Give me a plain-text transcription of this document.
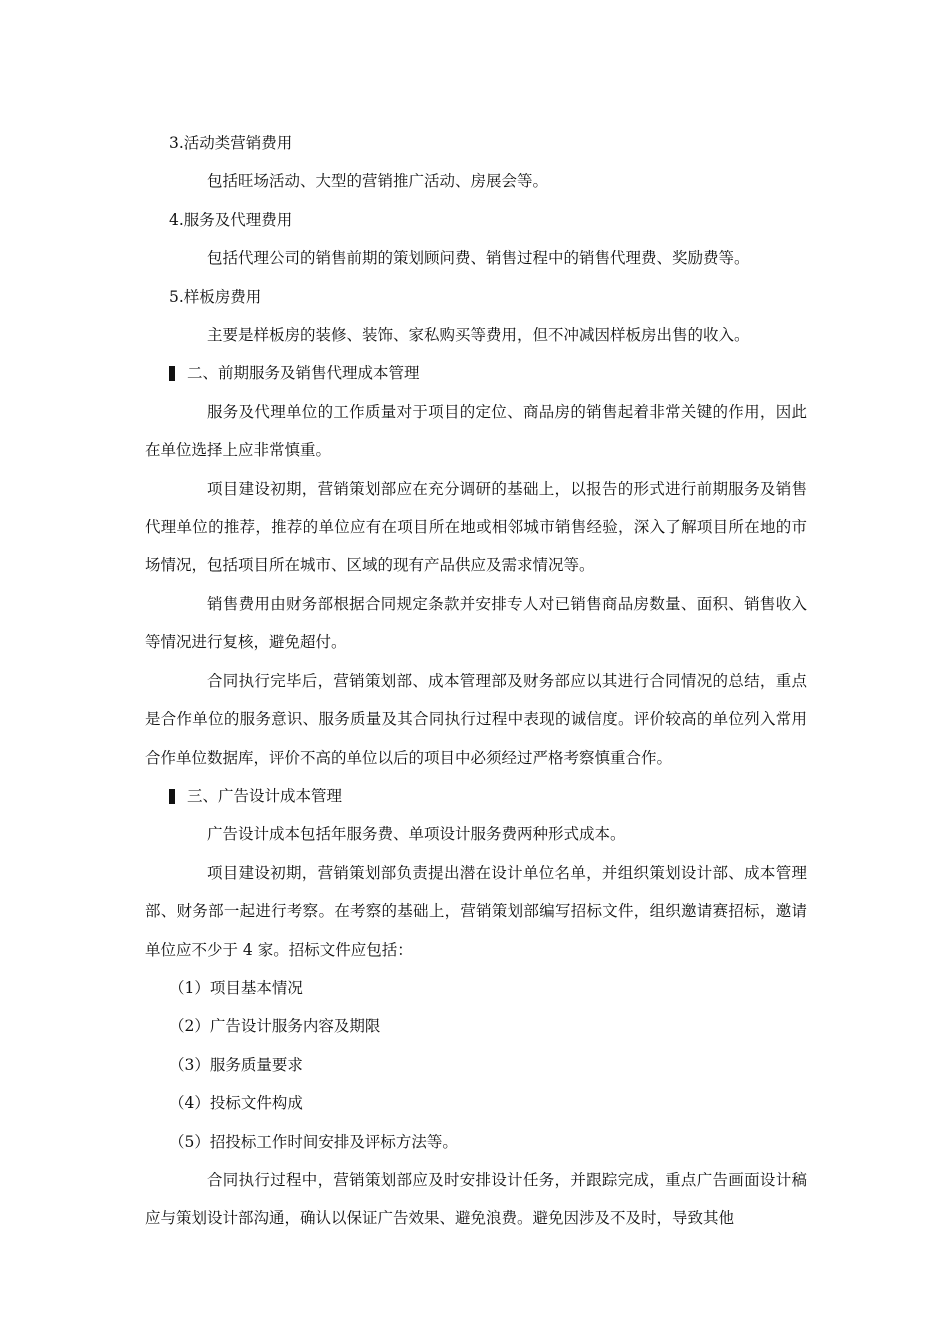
3.活动类营销费用
包括旺场活动、大型的营销推广活动、房展会等。
4.服务及代理费用
包括代理公司的销售前期的策划顾问费、销售过程中的销售代理费、奖励费等。
5.样板房费用
主要是样板房的装修、装饰、家私购买等费用，但不冲减因样板房出售的收入。
二、前期服务及销售代理成本管理
服务及代理单位的工作质量对于项目的定位、商品房的销售起着非常关键的作用，因此在单位选择上应非常慎重。
项目建设初期，营销策划部应在充分调研的基础上，以报告的形式进行前期服务及销售代理单位的推荐，推荐的单位应有在项目所在地或相邻城市销售经验，深入了解项目所在地的市场情况，包括项目所在城市、区域的现有产品供应及需求情况等。
销售费用由财务部根据合同规定条款并安排专人对已销售商品房数量、面积、销售收入等情况进行复核，避免超付。
合同执行完毕后，营销策划部、成本管理部及财务部应以其进行合同情况的总结，重点是合作单位的服务意识、服务质量及其合同执行过程中表现的诚信度。评价较高的单位列入常用合作单位数据库，评价不高的单位以后的项目中必须经过严格考察慎重合作。
三、广告设计成本管理
广告设计成本包括年服务费、单项设计服务费两种形式成本。
项目建设初期，营销策划部负责提出潜在设计单位名单，并组织策划设计部、成本管理部、财务部一起进行考察。在考察的基础上，营销策划部编写招标文件，组织邀请赛招标，邀请单位应不少于 4 家。招标文件应包括：
（1）项目基本情况
（2）广告设计服务内容及期限
（3）服务质量要求
（4）投标文件构成
（5）招投标工作时间安排及评标方法等。
合同执行过程中，营销策划部应及时安排设计任务，并跟踪完成，重点广告画面设计稿应与策划设计部沟通，确认以保证广告效果、避免浪费。避免因涉及不及时，导致其他
